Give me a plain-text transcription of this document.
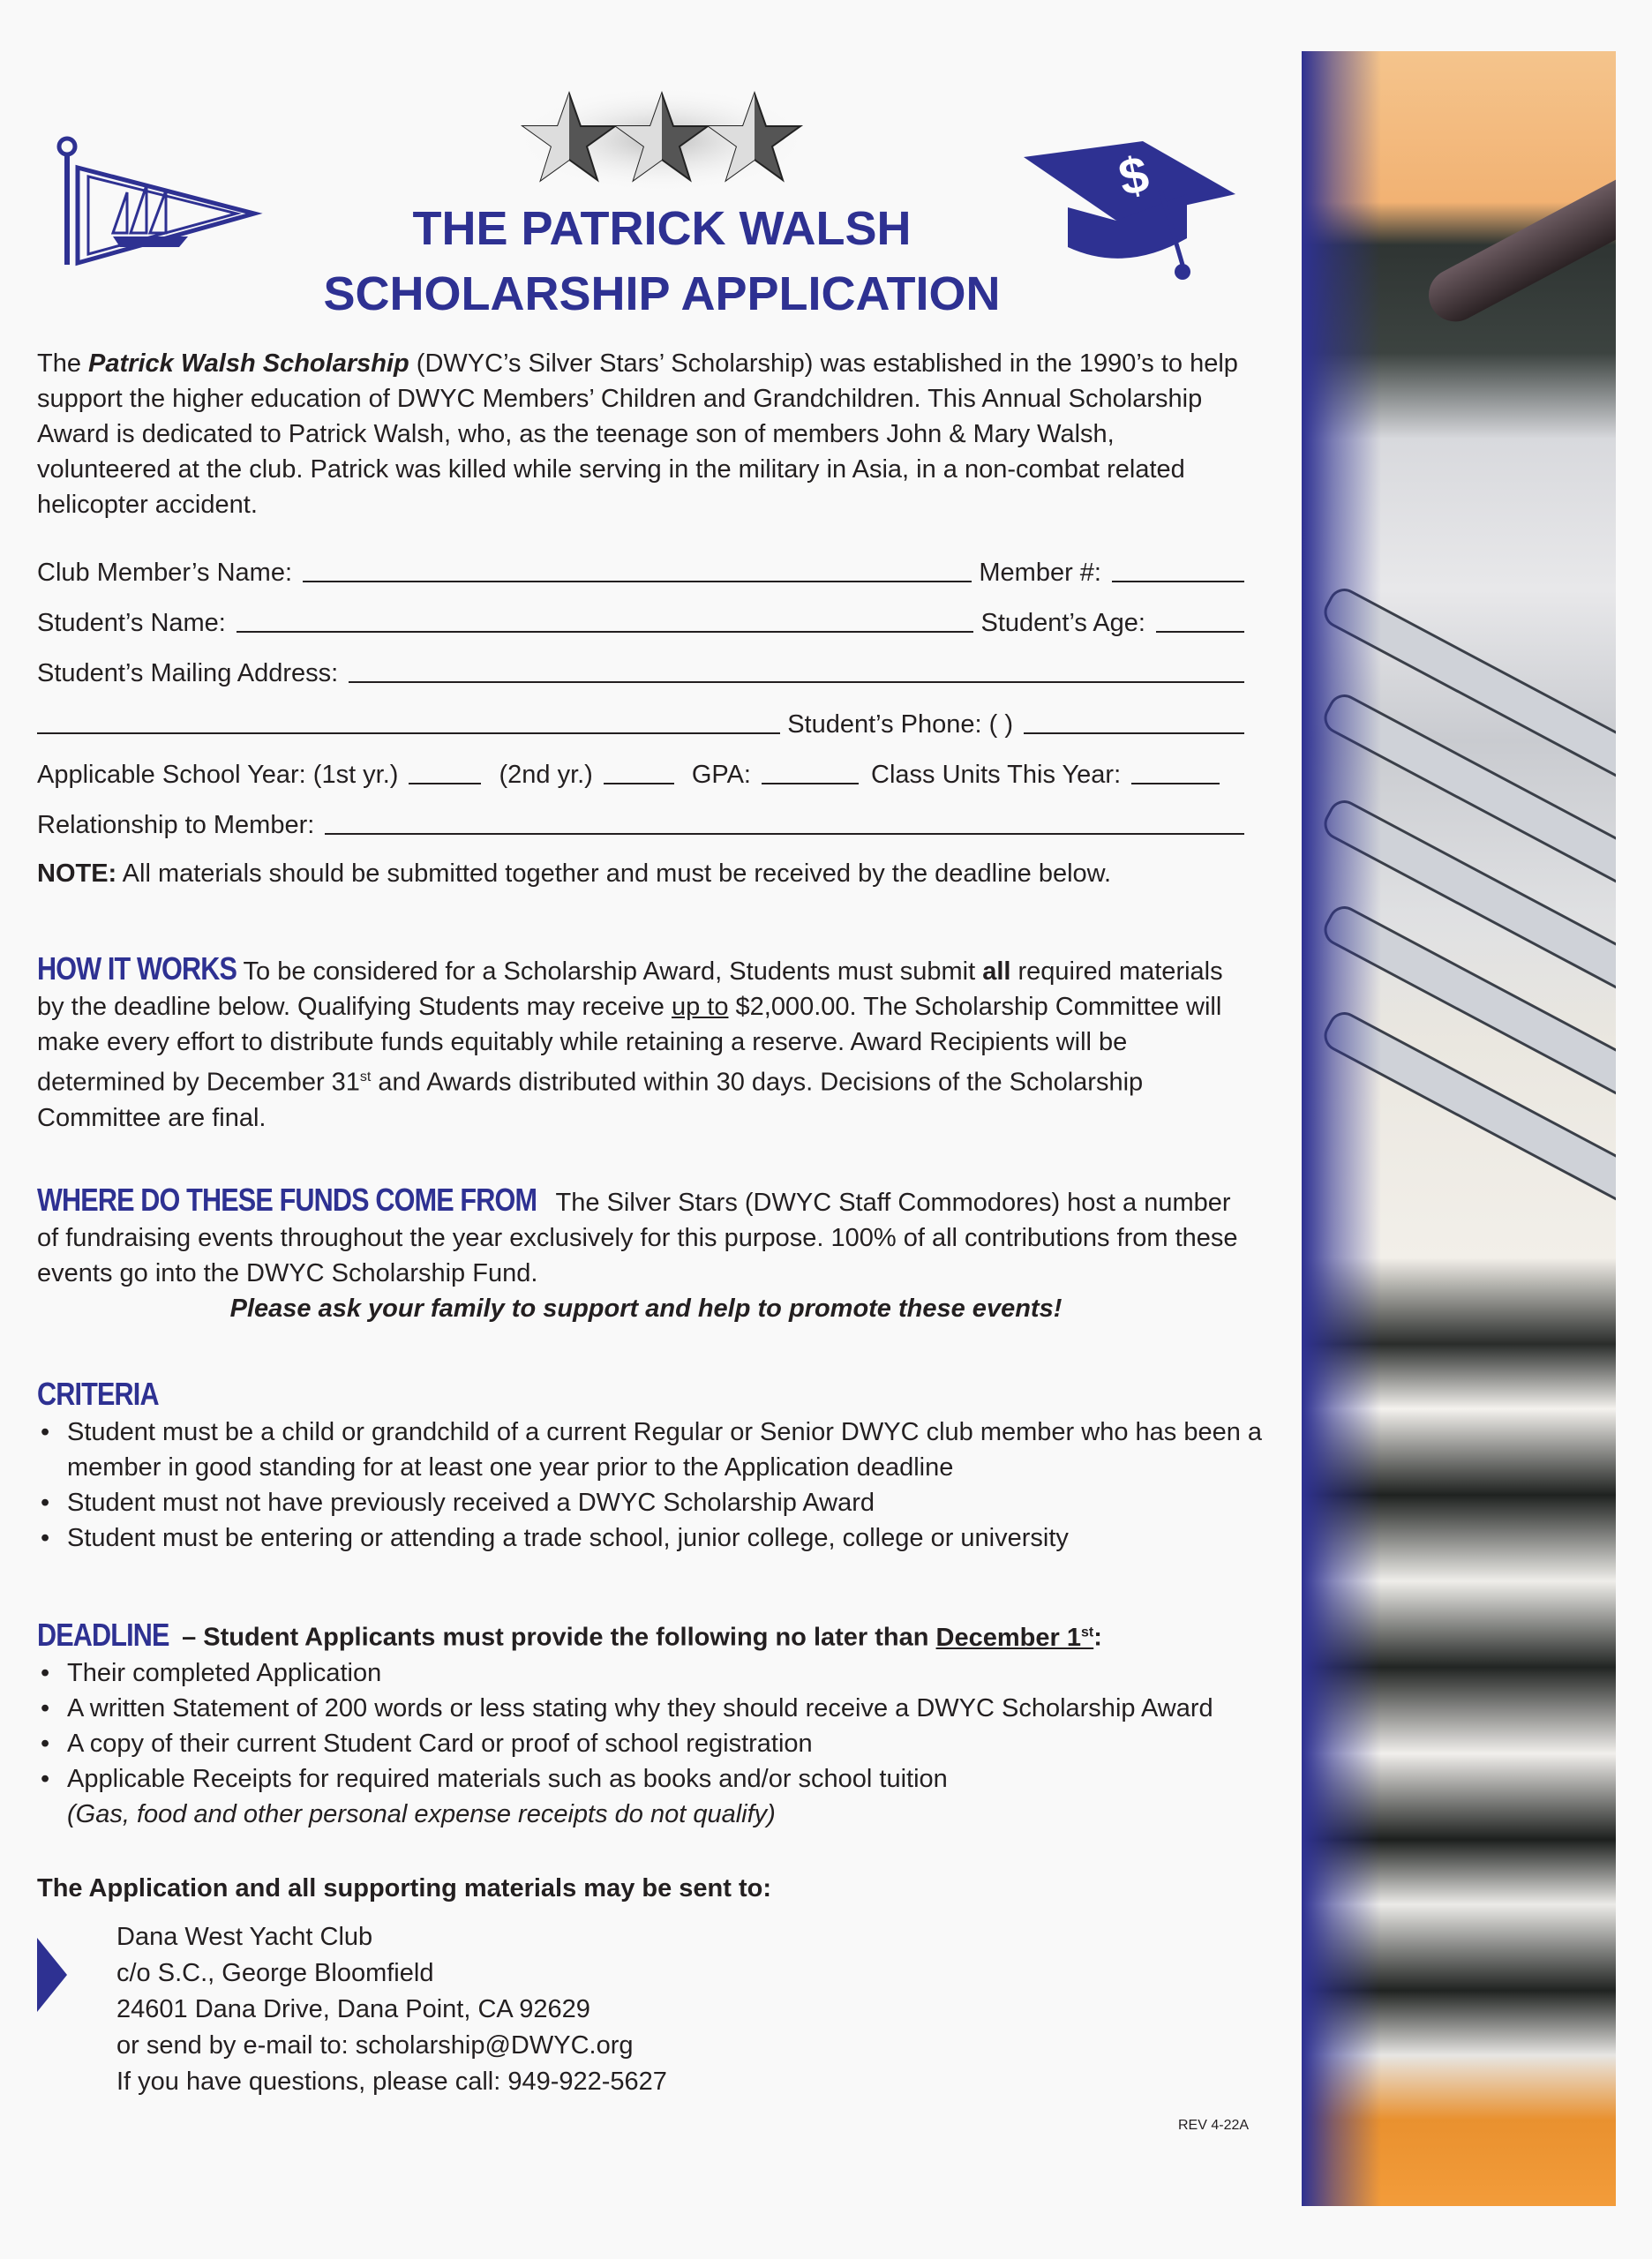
$
THE PATRICK WALSH
SCHOLARSHIP APPLICATION
The Patrick Walsh Scholarship (DWYC’s Silver Stars’ Scholarship) was established in the 1990’s to help support the higher education of DWYC Members’ Children and Grandchildren. This Annual Scholarship Award is dedicated to Patrick Walsh, who, as the teenage son of members John & Mary Walsh, volunteered at the club. Patrick was killed while serving in the military in Asia, in a non-combat related helicopter accident.
Club Member’s Name:	Member #:
Student’s Name:	Student’s Age:
Student’s Mailing Address:
Student’s Phone: ( )
Applicable School Year: (1st yr.)	(2nd yr.)	GPA:	Class Units This Year:
Relationship to Member:
NOTE: All materials should be submitted together and must be received by the deadline below.
HOW IT WORKS To be considered for a Scholarship Award, Students must submit all required materials by the deadline below. Qualifying Students may receive up to $2,000.00. The Scholarship Committee will make every effort to distribute funds equitably while retaining a reserve. Award Recipients will be determined by December 31st and Awards distributed within 30 days. Decisions of the Scholarship Committee are final.
WHERE DO THESE FUNDS COME FROM The Silver Stars (DWYC Staff Commodores) host a number of fundraising events throughout the year exclusively for this purpose. 100% of all contributions from these events go into the DWYC Scholarship Fund.
Please ask your family to support and help to promote these events!
CRITERIA
• Student must be a child or grandchild of a current Regular or Senior DWYC club member who has been a member in good standing for at least one year prior to the Application deadline
• Student must not have previously received a DWYC Scholarship Award
• Student must be entering or attending a trade school, junior college, college or university
DEADLINE – Student Applicants must provide the following no later than December 1st:
• Their completed Application
• A written Statement of 200 words or less stating why they should receive a DWYC Scholarship Award
• A copy of their current Student Card or proof of school registration
• Applicable Receipts for required materials such as books and/or school tuition
(Gas, food and other personal expense receipts do not qualify)
The Application and all supporting materials may be sent to:
Dana West Yacht Club
c/o S.C., George Bloomfield
24601 Dana Drive, Dana Point, CA 92629
or send by e-mail to: scholarship@DWYC.org
If you have questions, please call: 949-922-5627
REV 4-22A
